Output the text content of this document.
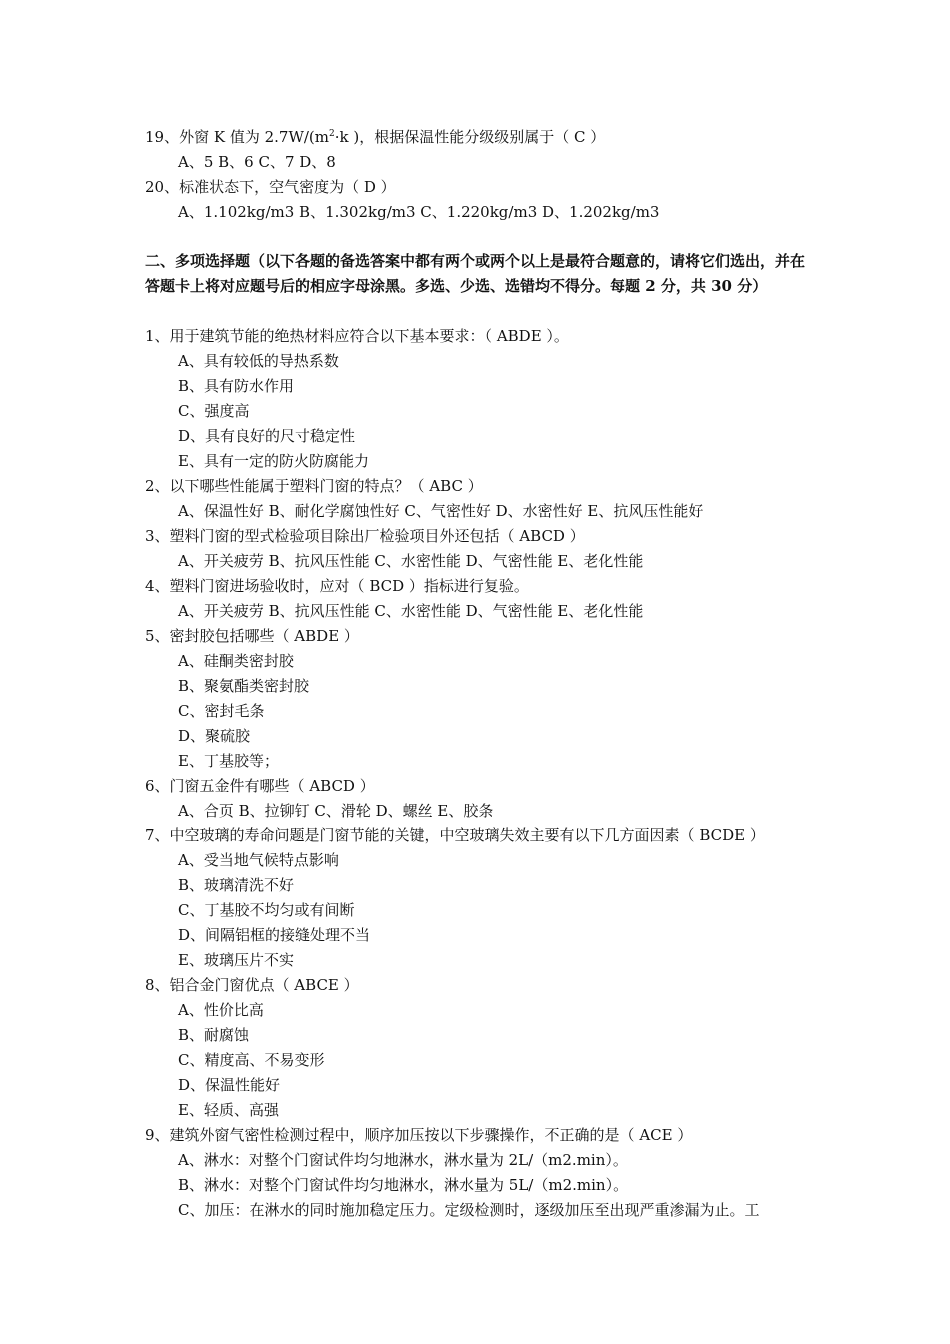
19、外窗 K 值为 $2.7W/(m^2\cdot k$ )，根据保温性能分级级别属于（ C ）
A、5 B、6 C、7 D、8
20、标准状态下，空气密度为（ D ）
A、1.102kg/m3 B、1.302kg/m3 C、1.220kg/m3 D、1.202kg/m3
二、多项选择题（以下各题的备选答案中都有两个或两个以上是最符合题意的，请将它们选出，并在答题卡上将对应题号后的相应字母涂黑。多选、少选、选错均不得分。每题 2 分，共 30 分）
1、用于建筑节能的绝热材料应符合以下基本要求：（ ABDE ）。
A、具有较低的导热系数
B、具有防水作用
C、强度高
D、具有良好的尺寸稳定性
E、具有一定的防火防腐能力
2、以下哪些性能属于塑料门窗的特点？（ ABC ）
A、保温性好 B、耐化学腐蚀性好 C、气密性好 D、水密性好 E、抗风压性能好
3、塑料门窗的型式检验项目除出厂检验项目外还包括（ ABCD ）
A、开关疲劳 B、抗风压性能 C、水密性能 D、气密性能 E、老化性能
4、塑料门窗进场验收时，应对（ BCD ）指标进行复验。
A、开关疲劳 B、抗风压性能 C、水密性能 D、气密性能 E、老化性能
5、密封胶包括哪些（ ABDE ）
A、硅酮类密封胶
B、聚氨酯类密封胶
C、密封毛条
D、聚硫胶
E、丁基胶等；
6、门窗五金件有哪些（ ABCD ）
A、合页 B、拉铆钉 C、滑轮 D、螺丝 E、胶条
7、中空玻璃的寿命问题是门窗节能的关键，中空玻璃失效主要有以下几方面因素（ BCDE ）
A、受当地气候特点影响
B、玻璃清洗不好
C、丁基胶不均匀或有间断
D、间隔铝框的接缝处理不当
E、玻璃压片不实
8、铝合金门窗优点（ ABCE ）
A、性价比高
B、耐腐蚀
C、精度高、不易变形
D、保温性能好
E、轻质、高强
9、建筑外窗气密性检测过程中，顺序加压按以下步骤操作，不正确的是（ ACE ）
A、淋水：对整个门窗试件均匀地淋水，淋水量为 2L/（m2.min）。
B、淋水：对整个门窗试件均匀地淋水，淋水量为 5L/（m2.min）。
C、加压：在淋水的同时施加稳定压力。定级检测时，逐级加压至出现严重渗漏为止。工
